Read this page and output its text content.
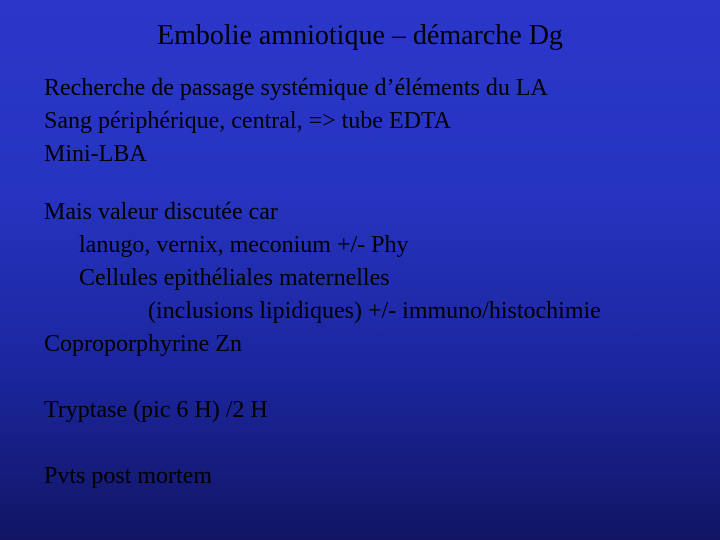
Embolie amniotique – démarche Dg
Recherche de passage systémique d’éléments du LA
Sang périphérique, central, => tube EDTA
Mini-LBA
Mais valeur discutée car
lanugo, vernix, meconium +/- Phy
Cellules epithéliales maternelles
(inclusions lipidiques) +/- immuno/histochimie
Coproporphyrine Zn
Tryptase (pic 6 H) /2 H
Pvts post mortem
